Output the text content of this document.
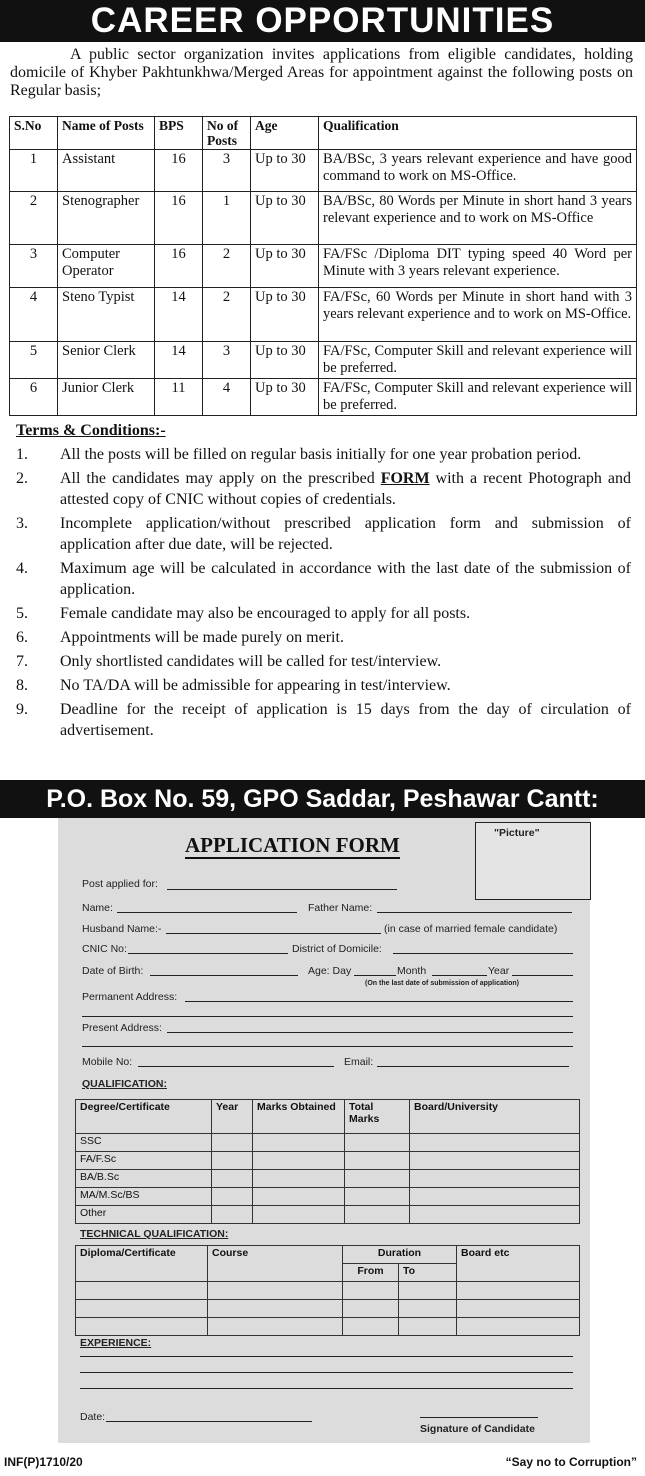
CAREER OPPORTUNITIES
A public sector organization invites applications from eligible candidates, holding domicile of Khyber Pakhtunkhwa/Merged Areas for appointment against the following posts on Regular basis;
S.No	Name of Posts	BPS	No of Posts	Age	Qualification
1	Assistant	16	3	Up to 30	BA/BSc, 3 years relevant experience and have good command to work on MS-Office.
2	Stenographer	16	1	Up to 30	BA/BSc, 80 Words per Minute in short hand 3 years relevant experience and to work on MS-Office
3	Computer Operator	16	2	Up to 30	FA/FSc /Diploma DIT typing speed 40 Word per Minute with 3 years relevant experience.
4	Steno Typist	14	2	Up to 30	FA/FSc, 60 Words per Minute in short hand with 3 years relevant experience and to work on MS-Office.
5	Senior Clerk	14	3	Up to 30	FA/FSc, Computer Skill and relevant experience will be preferred.
6	Junior Clerk	11	4	Up to 30	FA/FSc, Computer Skill and relevant experience will be preferred.
Terms & Conditions:-
1. All the posts will be filled on regular basis initially for one year probation period.
2. All the candidates may apply on the prescribed FORM with a recent Photograph and attested copy of CNIC without copies of credentials.
3. Incomplete application/without prescribed application form and submission of application after due date, will be rejected.
4. Maximum age will be calculated in accordance with the last date of the submission of application.
5. Female candidate may also be encouraged to apply for all posts.
6. Appointments will be made purely on merit.
7. Only shortlisted candidates will be called for test/interview.
8. No TA/DA will be admissible for appearing in test/interview.
9. Deadline for the receipt of application is 15 days from the day of circulation of advertisement.
P.O. Box No. 59, GPO Saddar, Peshawar Cantt:
"Picture"
APPLICATION FORM
Post applied for:
Name:	Father Name:
Husband Name:-	(in case of married female candidate)
CNIC No:	District of Domicile:
Date of Birth:	Age: Day	Month	Year
(On the last date of submission of application)
Permanent Address:
Present Address:
Mobile No:	Email:
QUALIFICATION:
Degree/Certificate	Year	Marks Obtained	Total Marks	Board/University
SSC				
FA/F.Sc				
BA/B.Sc				
MA/M.Sc/BS				
Other				
TECHNICAL QUALIFICATION:
Diploma/Certificate	Course	Duration		Board etc
		From	To	

EXPERIENCE:
Date:
Signature of Candidate
INF(P)1710/20	“Say no to Corruption”
